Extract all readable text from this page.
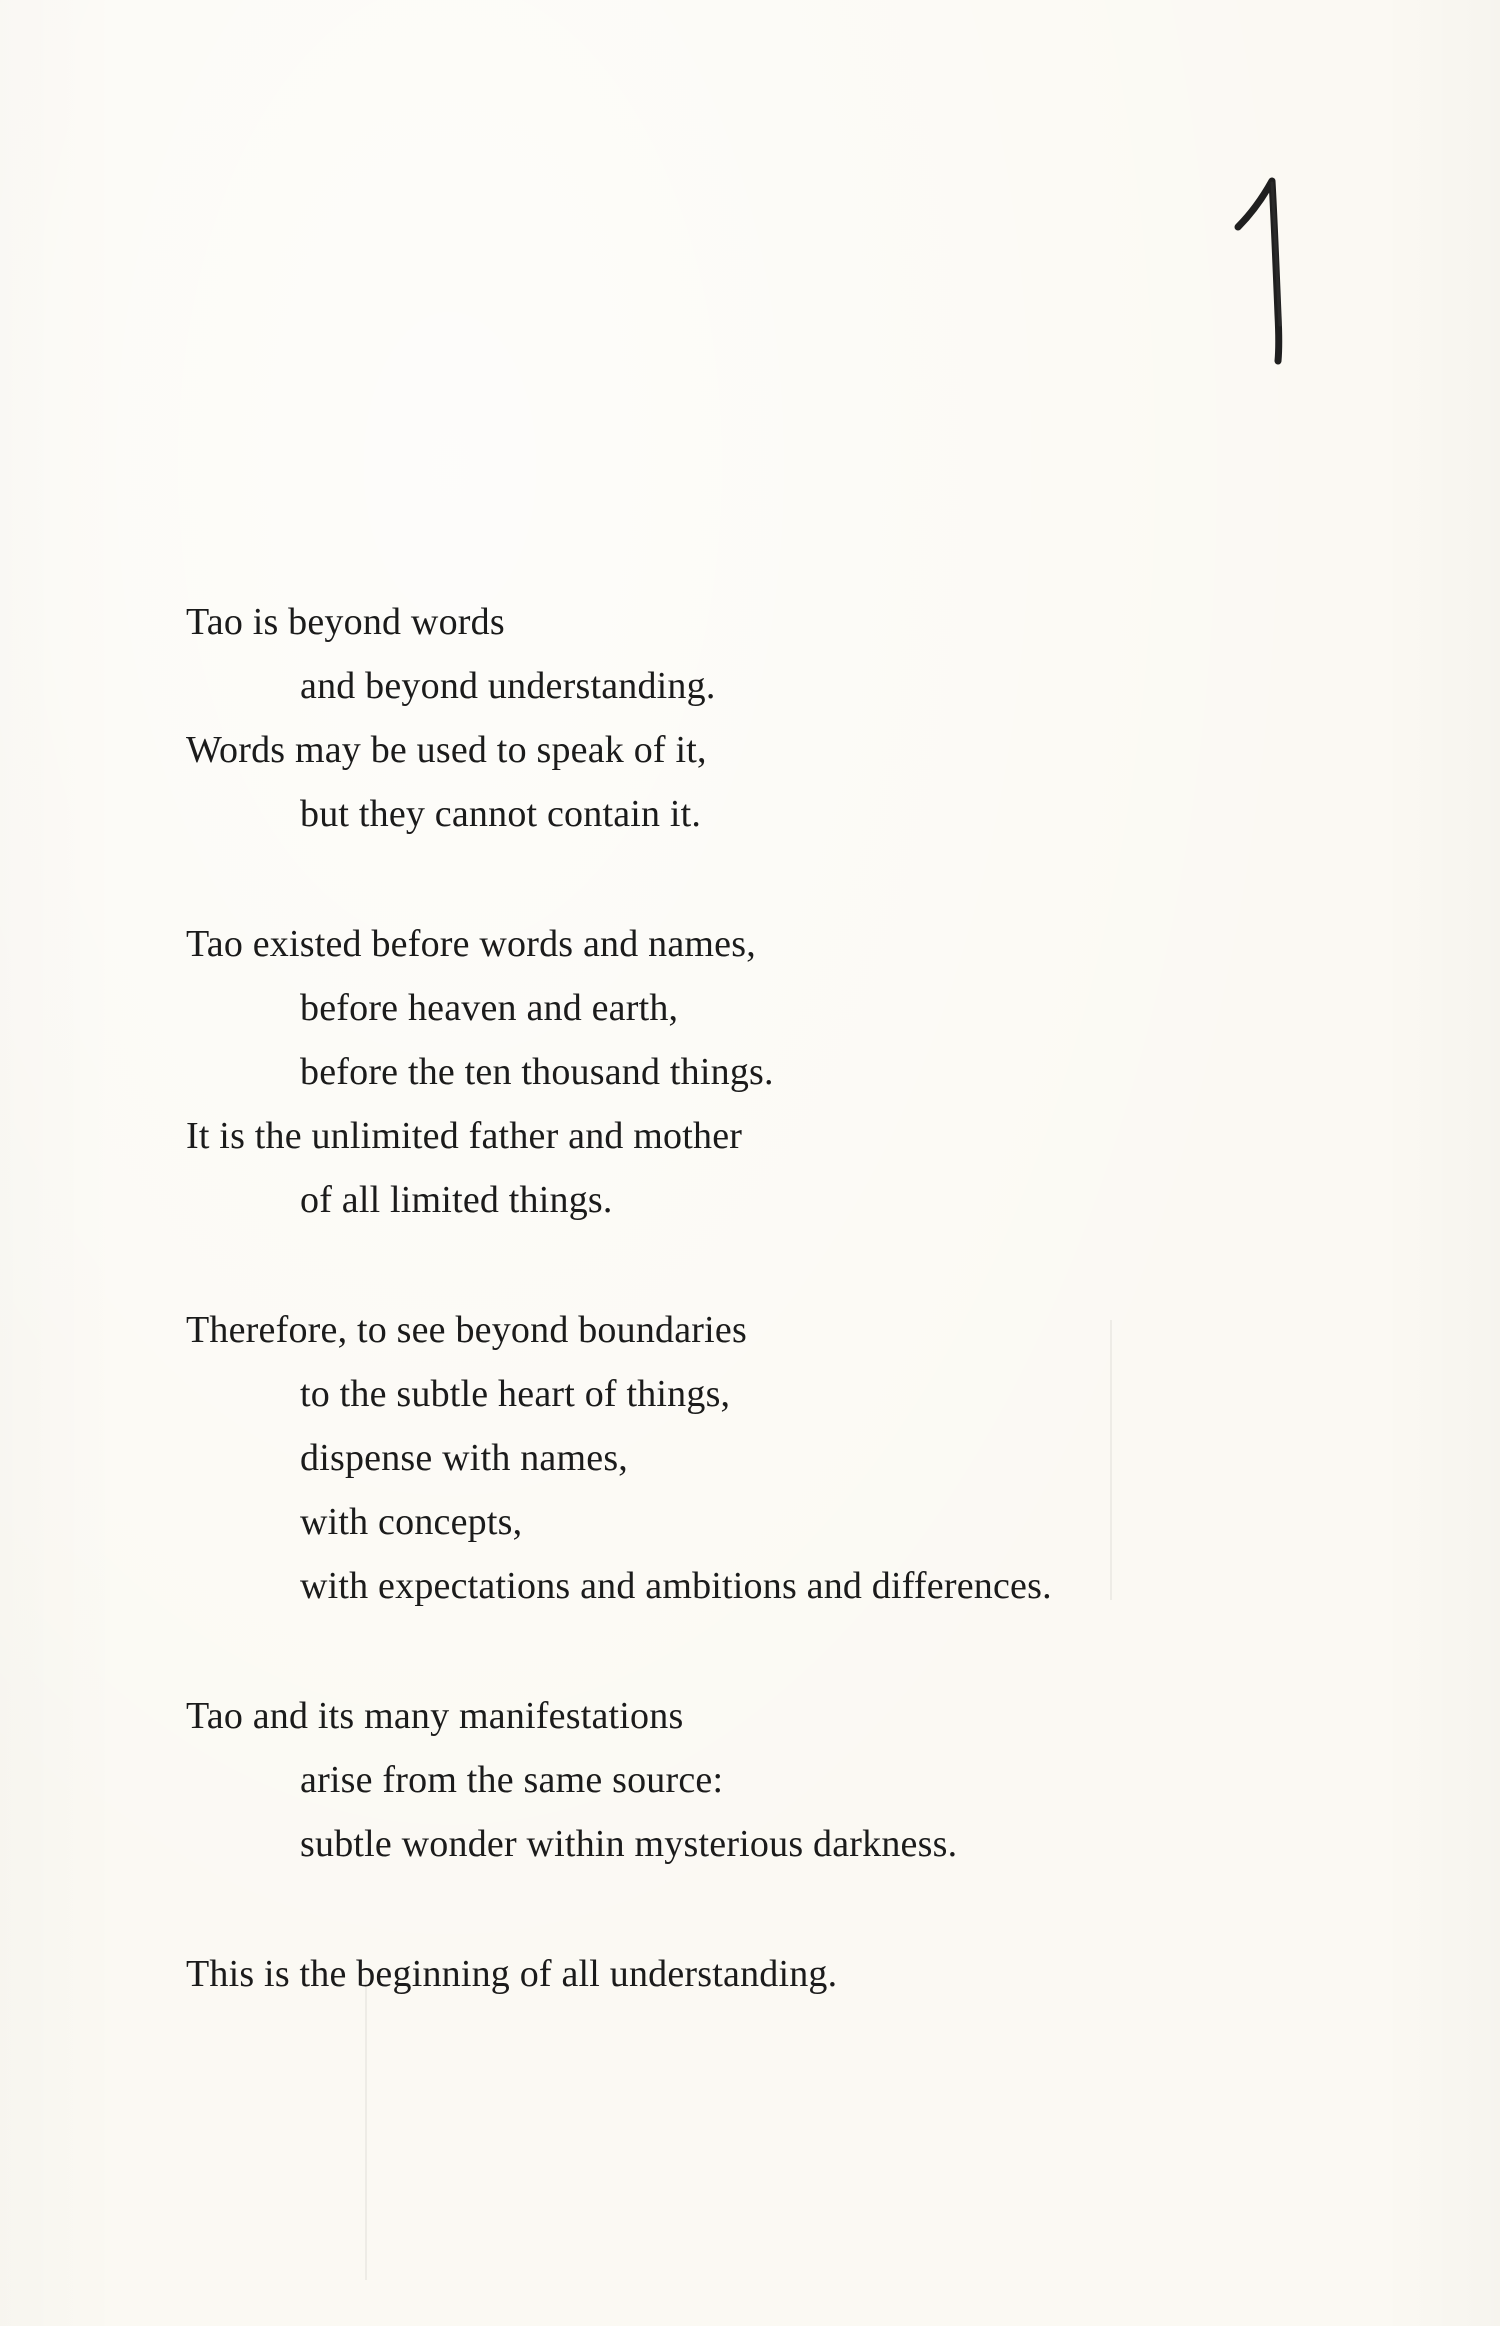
Tao is beyond words
and beyond understanding.
Words may be used to speak of it,
but they cannot contain it.
Tao existed before words and names,
before heaven and earth,
before the ten thousand things.
It is the unlimited father and mother
of all limited things.
Therefore, to see beyond boundaries
to the subtle heart of things,
dispense with names,
with concepts,
with expectations and ambitions and differences.
Tao and its many manifestations
arise from the same source:
subtle wonder within mysterious darkness.
This is the beginning of all understanding.
